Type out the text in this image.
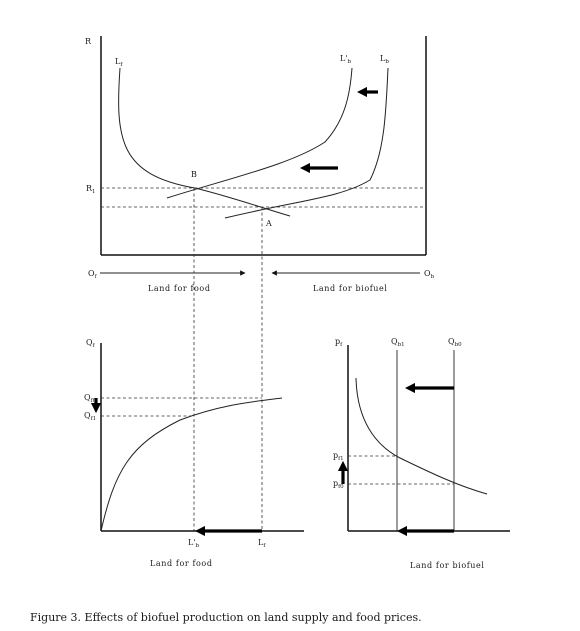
R
$L_f$
$L'_b$	$L_b$
$R_1$
B
A
$O_f$	$O_b$
Land for food	Land for biofuel
$Q_f$
$Q_{f0}$
$Q_{f1}$
$L'_b$	$L_f$
Land for food
$p_f$	$Q_{b1}$	$Q_{b0}$
$p_{f1}$
$p_{f0}$
Land for biofuel
Figure 3. Effects of biofuel production on land supply and food prices.
